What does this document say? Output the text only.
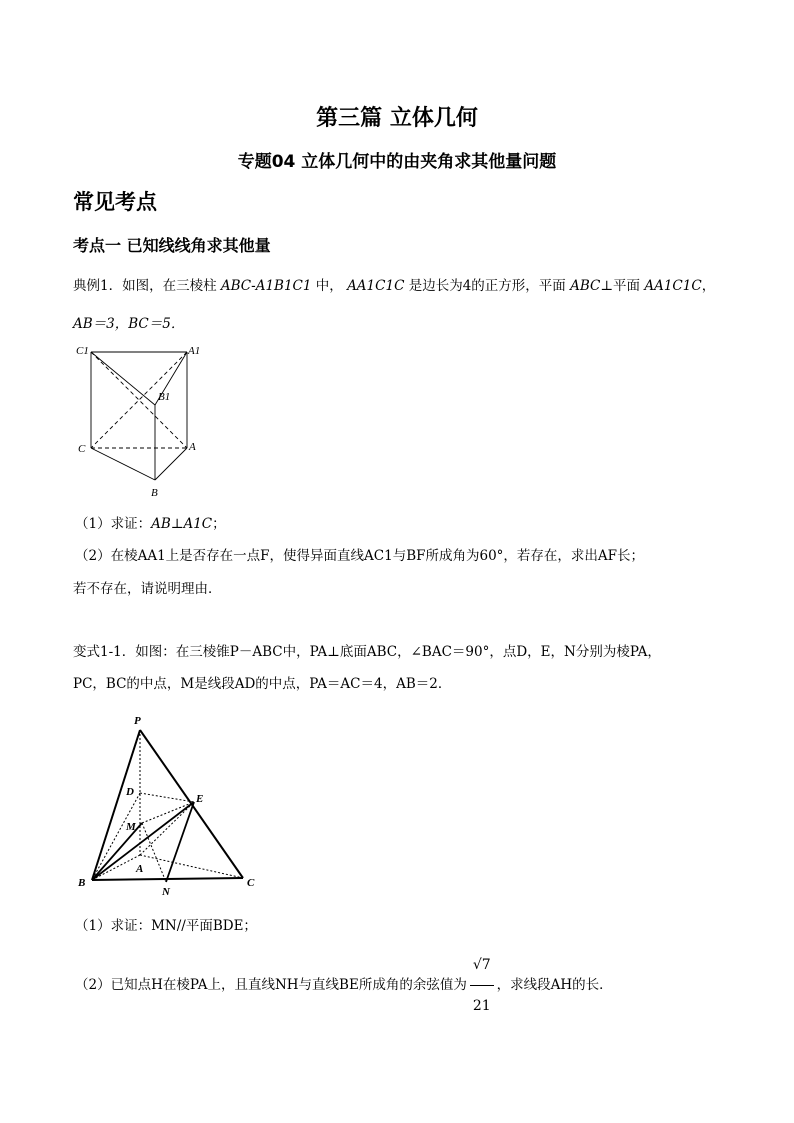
第三篇 立体几何
专题04 立体几何中的由夹角求其他量问题
常见考点
考点一 已知线线角求其他量
典例1．如图，在三棱柱 ABC-A1B1C1 中， AA1C1C 是边长为4的正方形，平面 ABC⊥平面 AA1C1C，
AB＝3，BC＝5．
C1	A1
B1
C	A
B
（1）求证：AB⊥A1C；
（2）在棱AA1上是否存在一点F，使得异面直线AC1与BF所成角为60°，若存在，求出AF长；
若不存在，请说明理由．
变式1-1．如图：在三棱锥P－ABC中，PA⊥底面ABC，∠BAC＝90°，点D，E，N分别为棱PA，
PC，BC的中点，M是线段AD的中点，PA＝AC＝4，AB＝2．
P
D
E
M
A
B
N
C
（1）求证：MN//平面BDE；
（2）已知点H在棱PA上，且直线NH与直线BE所成角的余弦值为 $\frac{√7}{21}$ ，求线段AH的长．
